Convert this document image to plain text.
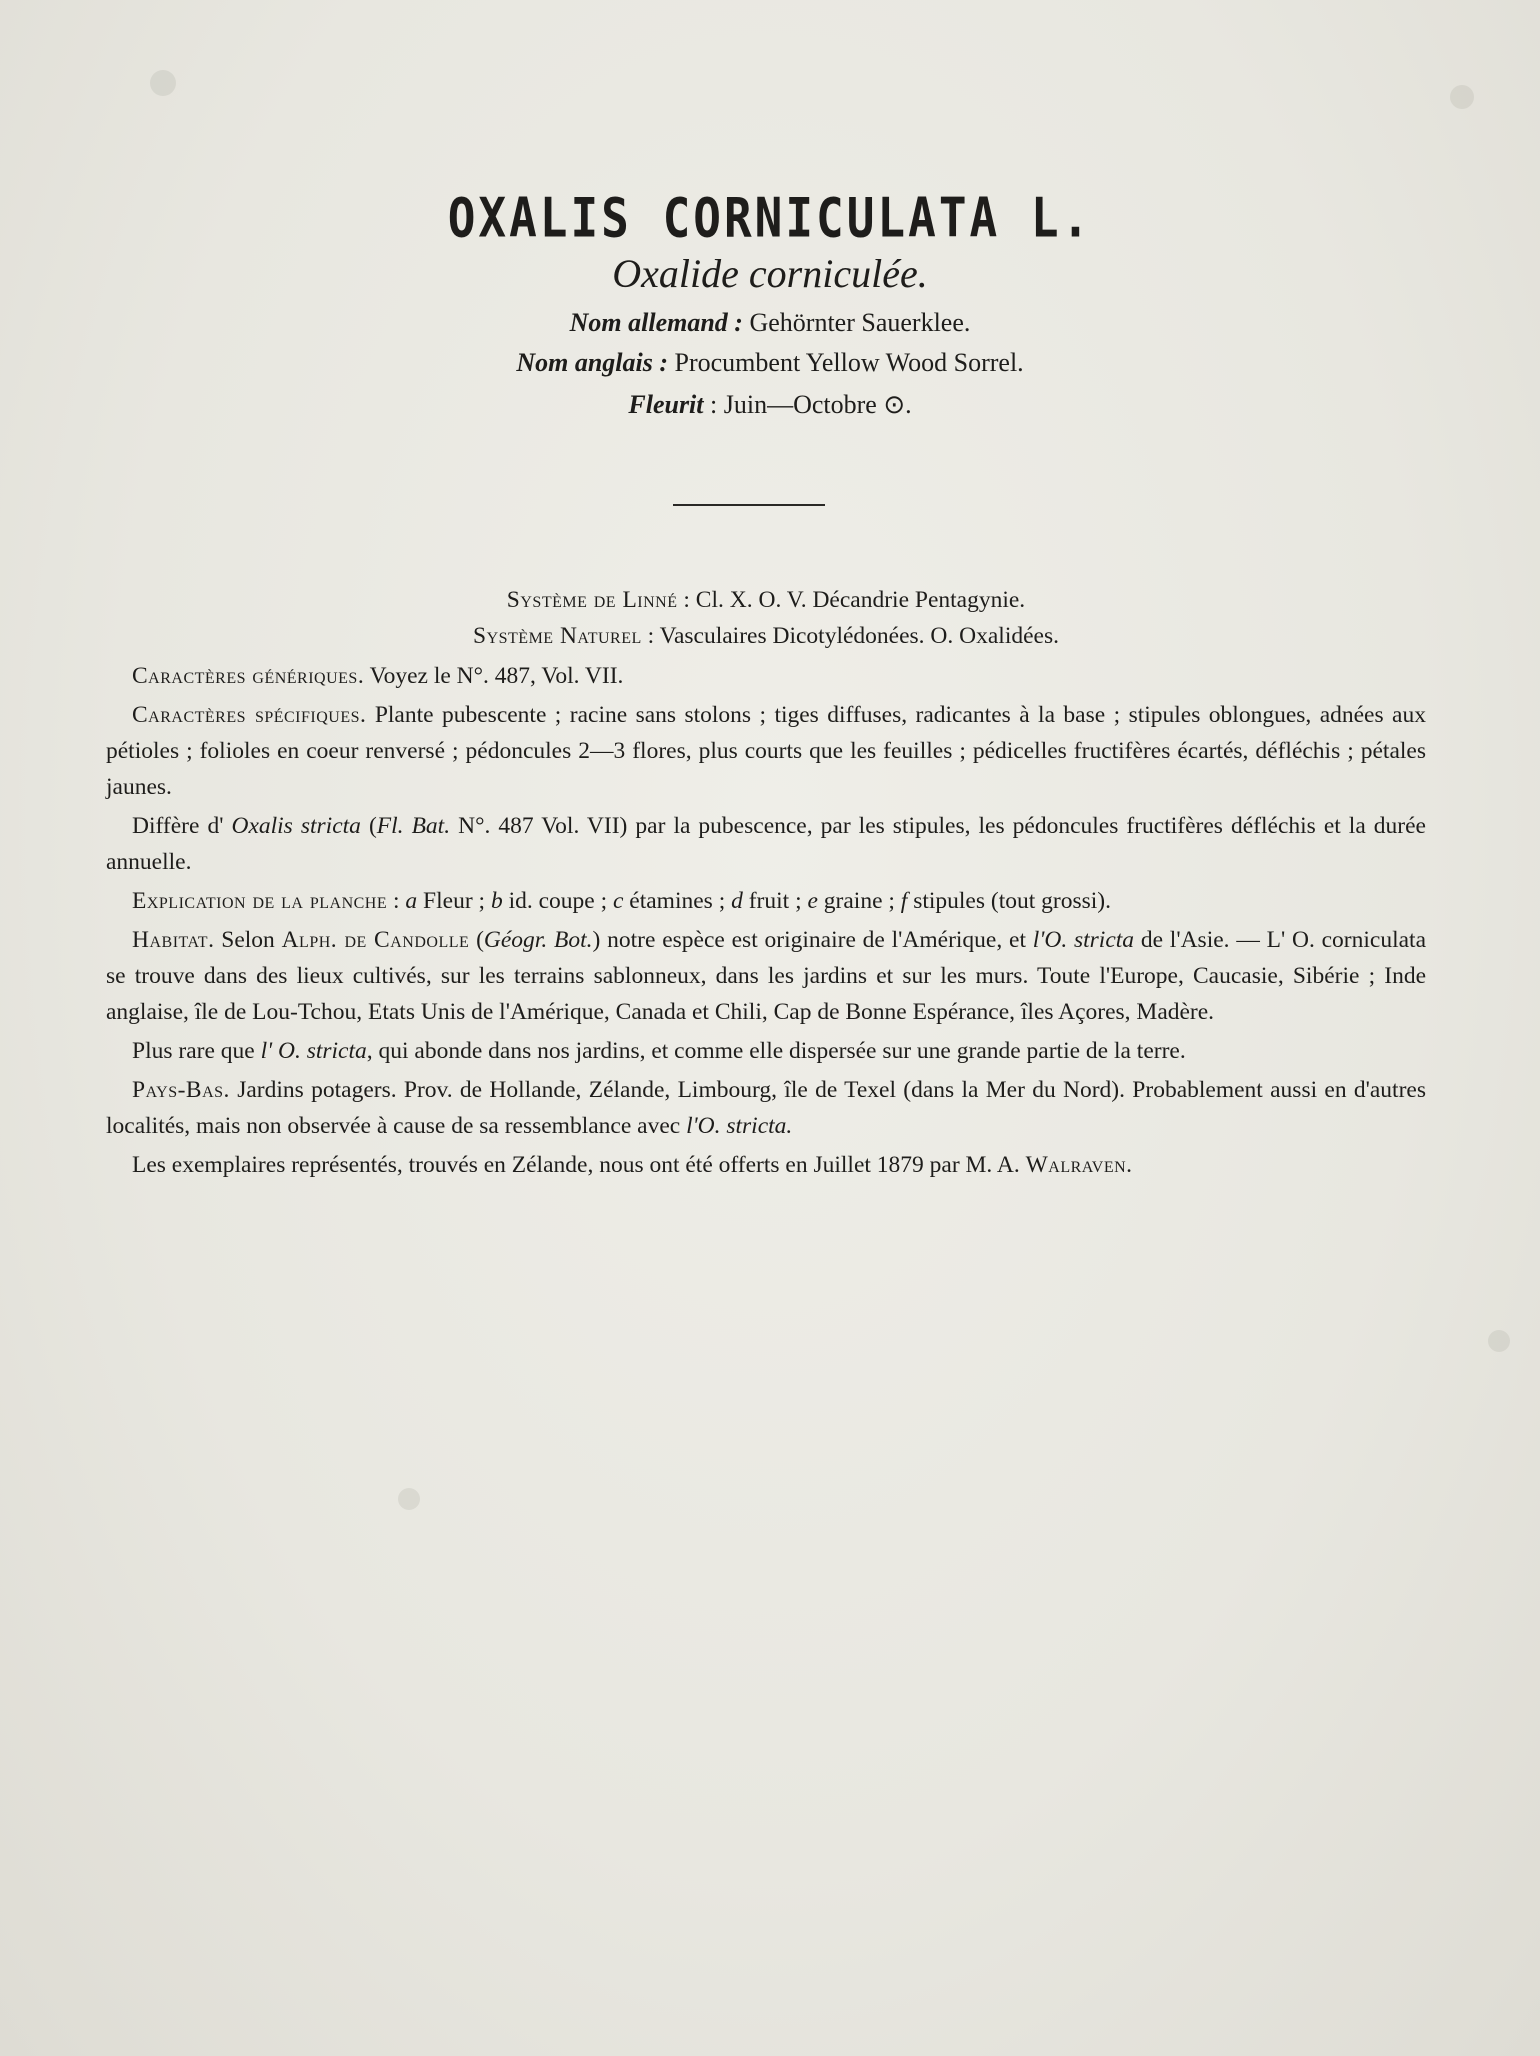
OXALIS CORNICULATA L.
Oxalide corniculée.
Nom allemand : Gehörnter Sauerklee.
Nom anglais : Procumbent Yellow Wood Sorrel.
Fleurit : Juin—Octobre ⊙.
Système de Linné : Cl. X. O. V. Décandrie Pentagynie.
Système Naturel : Vasculaires Dicotylédonées. O. Oxalidées.

Caractères génériques. Voyez le N°. 487, Vol. VII.

Caractères spécifiques. Plante pubescente ; racine sans stolons ; tiges diffuses, radicantes à la base ; stipules oblongues, adnées aux pétioles ; folioles en coeur renversé ; pédoncules 2—3 flores, plus courts que les feuilles ; pédicelles fructifères écartés, défléchis ; pétales jaunes.

Diffère d' Oxalis stricta (Fl. Bat. N°. 487 Vol. VII) par la pubescence, par les stipules, les pédoncules fructifères défléchis et la durée annuelle.

Explication de la planche : a Fleur ; b id. coupe ; c étamines ; d fruit ; e graine ; f stipules (tout grossi).

Habitat. Selon Alph. de Candolle (Géogr. Bot.) notre espèce est originaire de l'Amérique, et l'O. stricta de l'Asie. — L' O. corniculata se trouve dans des lieux cultivés, sur les terrains sablonneux, dans les jardins et sur les murs. Toute l'Europe, Caucasie, Sibérie ; Inde anglaise, île de Lou-Tchou, Etats Unis de l'Amérique, Canada et Chili, Cap de Bonne Espérance, îles Açores, Madère.

Plus rare que l' O. stricta, qui abonde dans nos jardins, et comme elle dispersée sur une grande partie de la terre.

Pays-Bas. Jardins potagers. Prov. de Hollande, Zélande, Limbourg, île de Texel (dans la Mer du Nord). Probablement aussi en d'autres localités, mais non observée à cause de sa ressemblance avec l'O. stricta.

Les exemplaires représentés, trouvés en Zélande, nous ont été offerts en Juillet 1879 par M. A. Walraven.
